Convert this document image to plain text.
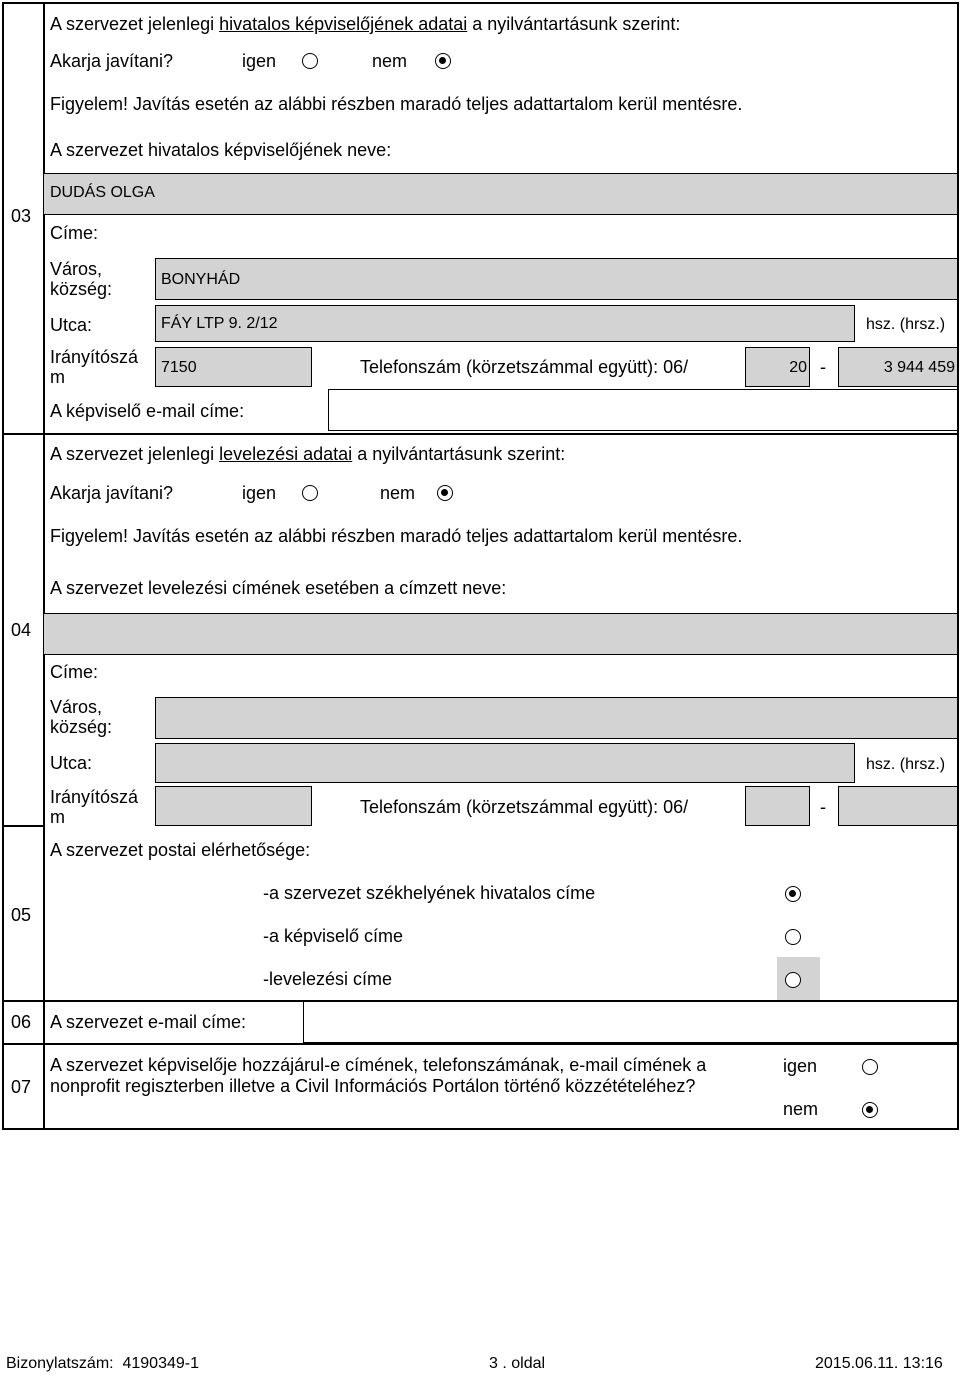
03
A szervezet jelenlegi hivatalos képviselőjének adatai a nyilvántartásunk szerint:
Akarja javítani?	igen	nem
Figyelem! Javítás esetén az alábbi részben maradó teljes adattartalom kerül mentésre.
A szervezet hivatalos képviselőjének neve:
DUDÁS OLGA
Címe:
Város, község:	BONYHÁD
Utca:	FÁY LTP 9. 2/12	hsz. (hrsz.)
Irányítószá m	7150	Telefonszám (körzetszámmal együtt): 06/	20 -	3 944 459
A képviselő e-mail címe:
04
A szervezet jelenlegi levelezési adatai a nyilvántartásunk szerint:
Akarja javítani?	igen	nem
Figyelem! Javítás esetén az alábbi részben maradó teljes adattartalom kerül mentésre.
A szervezet levelezési címének esetében a címzett neve:
Címe:
Város, község:
Utca:	hsz. (hrsz.)
Irányítószá m	Telefonszám (körzetszámmal együtt): 06/	-
A szervezet postai elérhetősége:
05
-a szervezet székhelyének hivatalos címe
-a képviselő címe
-levelezési címe
06 A szervezet e-mail címe:
07
A szervezet képviselője hozzájárul-e címének, telefonszámának, e-mail címének a nonprofit regiszterben illetve a Civil Információs Portálon történő közzétételéhez?
igen
nem
Bizonylatszám: 4190349-1	3 . oldal	2015.06.11. 13:16
